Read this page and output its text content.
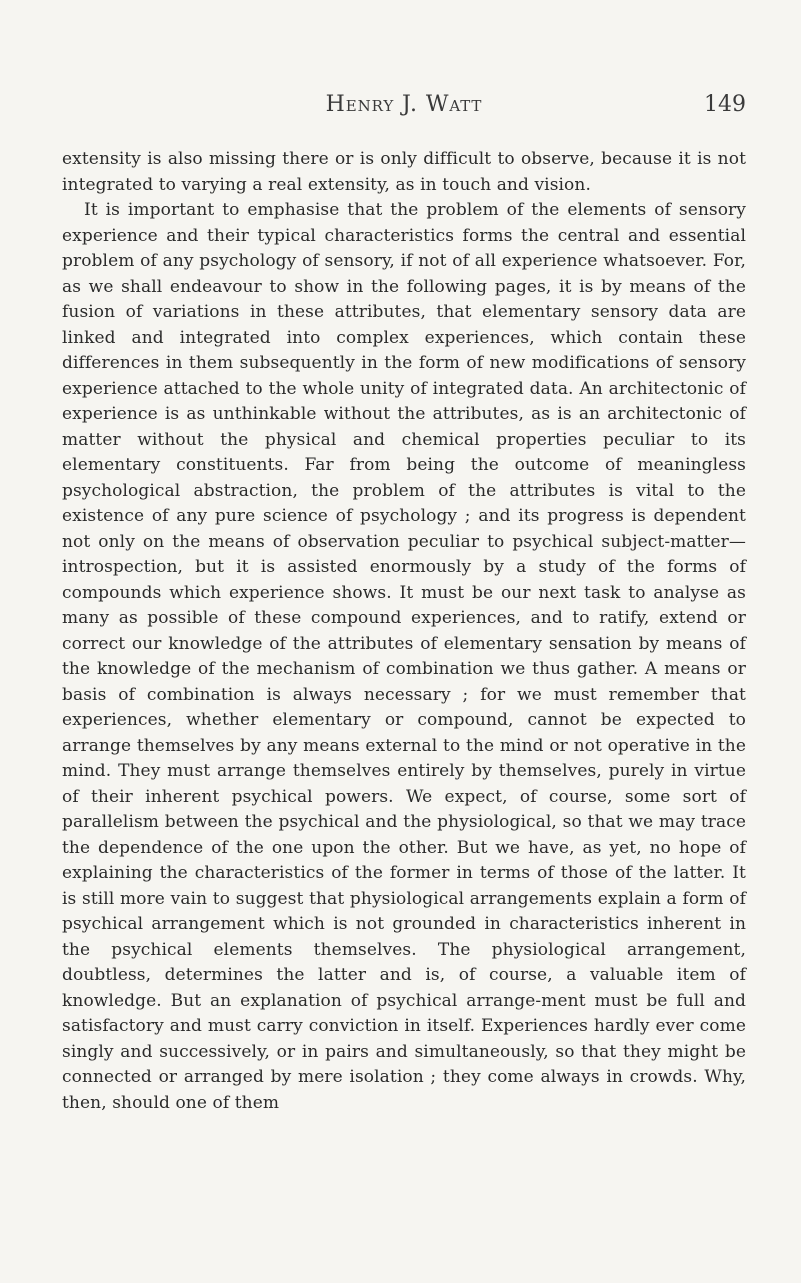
Henry J. Watt	149

extensity is also missing there or is only difficult to observe, because it is not integrated to varying a real extensity, as in touch and vision.

It is important to emphasise that the problem of the elements of sensory experience and their typical characteristics forms the central and essential problem of any psychology of sensory, if not of all experience whatsoever. For, as we shall endeavour to show in the following pages, it is by means of the fusion of variations in these attributes, that elementary sensory data are linked and integrated into complex experiences, which contain these differences in them subsequently in the form of new modifications of sensory experience attached to the whole unity of integrated data. An architectonic of experience is as unthinkable without the attributes, as is an architectonic of matter without the physical and chemical properties peculiar to its elementary constituents. Far from being the outcome of meaningless psychological abstraction, the problem of the attributes is vital to the existence of any pure science of psychology ; and its progress is dependent not only on the means of observation peculiar to psychical subject-matter—introspection, but it is assisted enormously by a study of the forms of compounds which experience shows. It must be our next task to analyse as many as possible of these compound experiences, and to ratify, extend or correct our knowledge of the attributes of elementary sensation by means of the knowledge of the mechanism of combination we thus gather. A means or basis of combination is always necessary ; for we must remember that experiences, whether elementary or compound, cannot be expected to arrange themselves by any means external to the mind or not operative in the mind. They must arrange themselves entirely by themselves, purely in virtue of their inherent psychical powers. We expect, of course, some sort of parallelism between the psychical and the physiological, so that we may trace the dependence of the one upon the other. But we have, as yet, no hope of explaining the characteristics of the former in terms of those of the latter. It is still more vain to suggest that physiological arrangements explain a form of psychical arrangement which is not grounded in characteristics inherent in the psychical elements themselves. The physiological arrangement, doubtless, determines the latter and is, of course, a valuable item of knowledge. But an explanation of psychical arrange-ment must be full and satisfactory and must carry conviction in itself. Experiences hardly ever come singly and successively, or in pairs and simultaneously, so that they might be connected or arranged by mere isolation ; they come always in crowds. Why, then, should one of them
